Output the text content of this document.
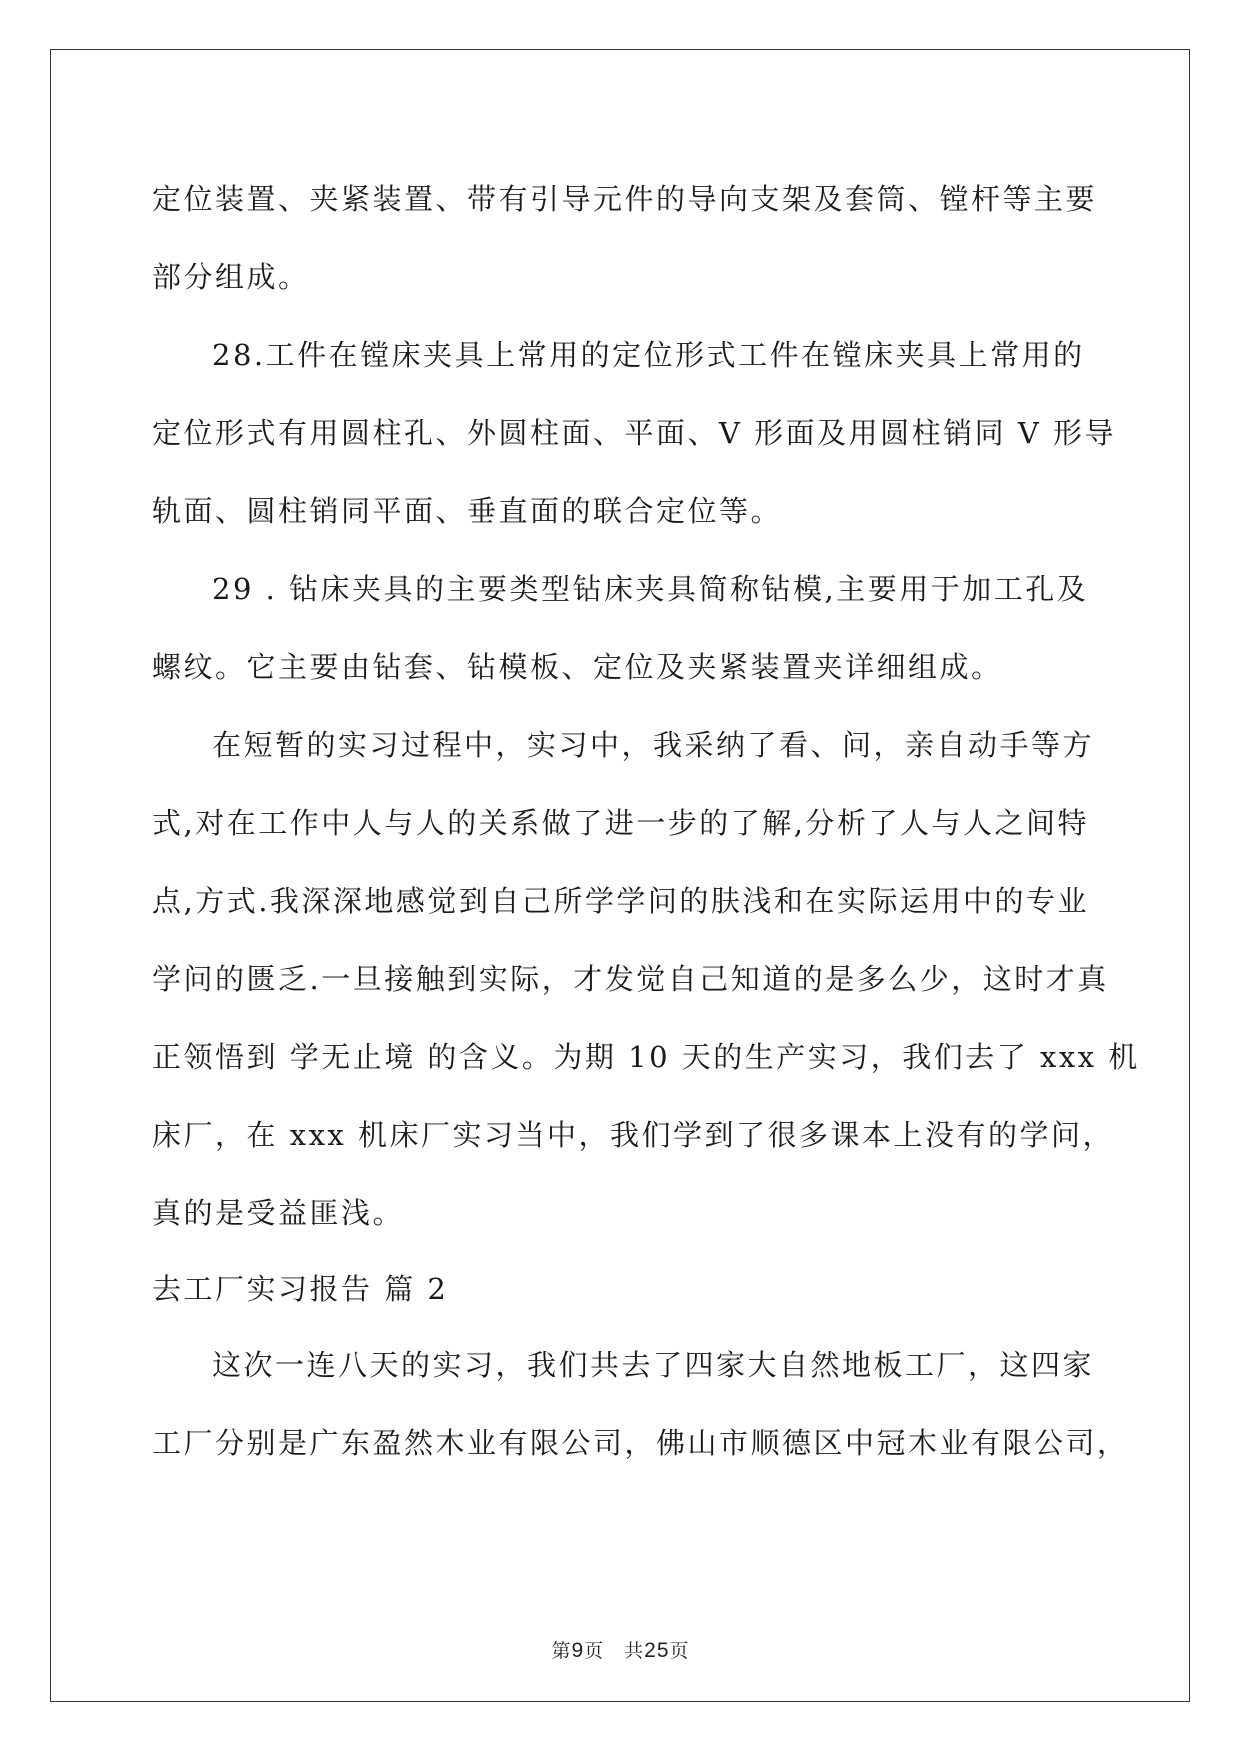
定位装置、夹紧装置、带有引导元件的导向支架及套筒、镗杆等主要
部分组成。
28.工件在镗床夹具上常用的定位形式工件在镗床夹具上常用的
定位形式有用圆柱孔、外圆柱面、平面、V 形面及用圆柱销同 V 形导
轨面、圆柱销同平面、垂直面的联合定位等。
29 . 钻床夹具的主要类型钻床夹具简称钻模,主要用于加工孔及
螺纹。它主要由钻套、钻模板、定位及夹紧装置夹详细组成。
在短暂的实习过程中，实习中，我采纳了看、问，亲自动手等方
式,对在工作中人与人的关系做了进一步的了解,分析了人与人之间特
点,方式.我深深地感觉到自己所学学问的肤浅和在实际运用中的专业
学问的匮乏.一旦接触到实际，才发觉自己知道的是多么少，这时才真
正领悟到 学无止境 的含义。为期 10 天的生产实习，我们去了 xxx 机
床厂，在 xxx 机床厂实习当中，我们学到了很多课本上没有的学问，
真的是受益匪浅。
去工厂实习报告 篇 2
这次一连八天的实习，我们共去了四家大自然地板工厂，这四家
工厂分别是广东盈然木业有限公司，佛山市顺德区中冠木业有限公司，
第9页　共25页
